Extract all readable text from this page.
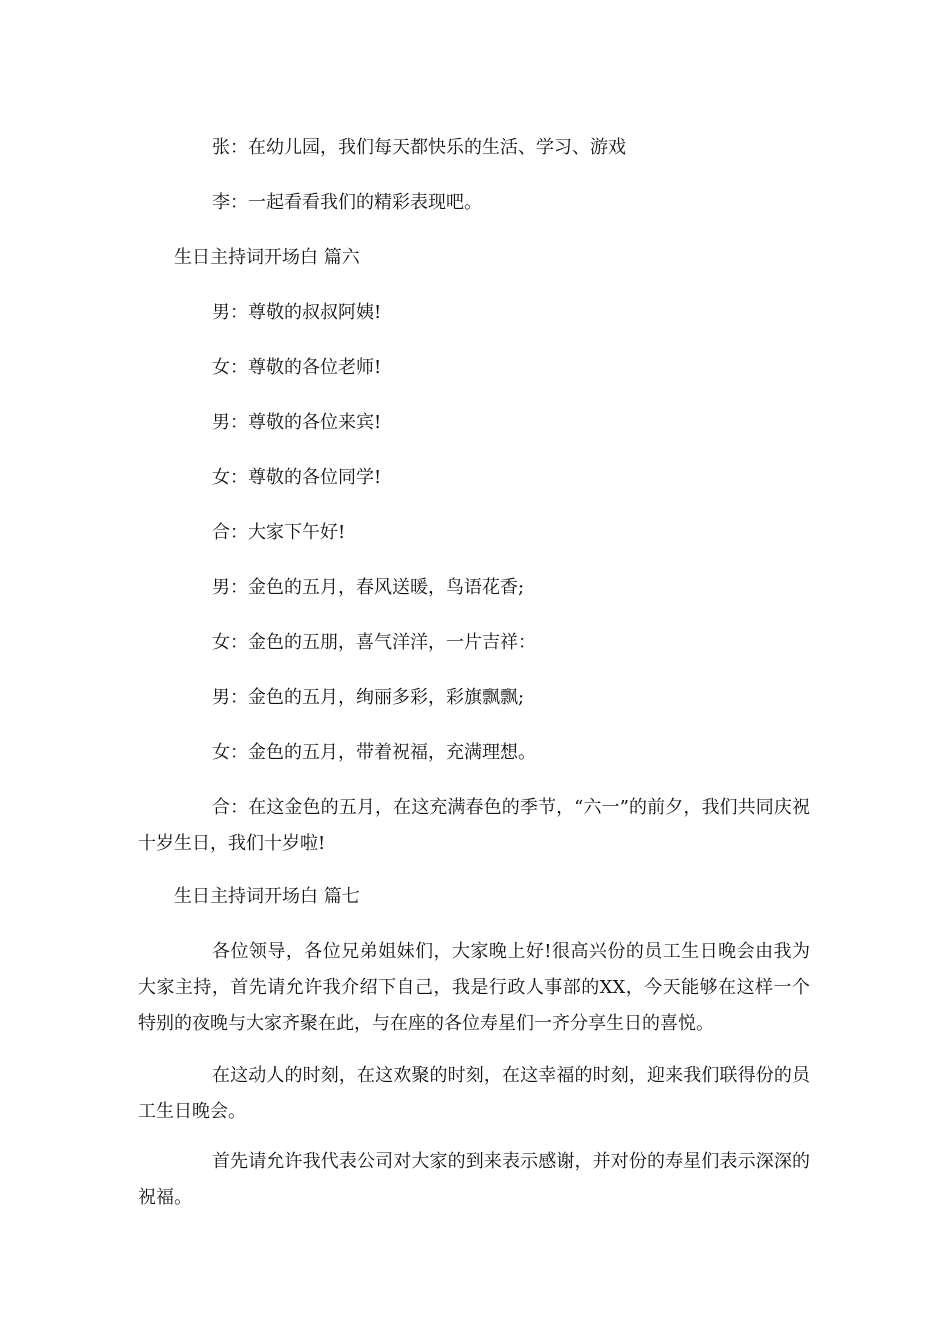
张：在幼儿园，我们每天都快乐的生活、学习、游戏

李：一起看看我们的精彩表现吧。

生日主持词开场白 篇六

男：尊敬的叔叔阿姨!

女：尊敬的各位老师!

男：尊敬的各位来宾!

女：尊敬的各位同学!

合：大家下午好!

男：金色的五月，春风送暖，鸟语花香;

女：金色的五朋，喜气洋洋，一片吉祥：

男：金色的五月，绚丽多彩，彩旗飘飘;

女：金色的五月，带着祝福，充满理想。

合：在这金色的五月，在这充满春色的季节，“六一”的前夕，我们共同庆祝十岁生日，我们十岁啦!

生日主持词开场白 篇七

各位领导，各位兄弟姐妹们，大家晚上好!很高兴份的员工生日晚会由我为大家主持，首先请允许我介绍下自己，我是行政人事部的XX，今天能够在这样一个特别的夜晚与大家齐聚在此，与在座的各位寿星们一齐分享生日的喜悦。

在这动人的时刻，在这欢聚的时刻，在这幸福的时刻，迎来我们联得份的员工生日晚会。

首先请允许我代表公司对大家的到来表示感谢，并对份的寿星们表示深深的祝福。
